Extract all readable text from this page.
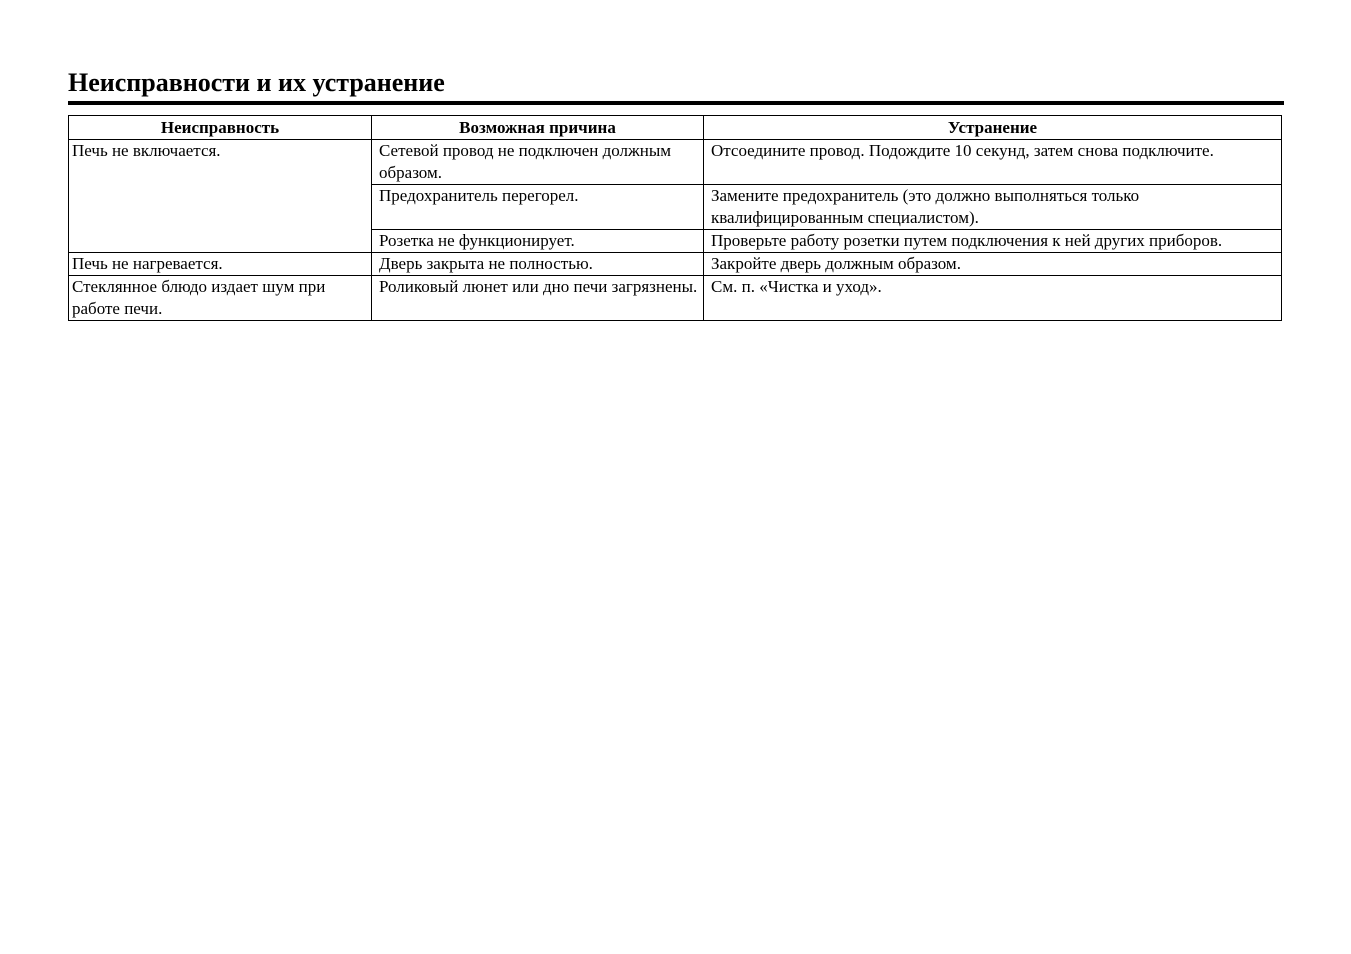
Неисправности и их устранение
Неисправность	Возможная причина	Устранение
Печь не включается.	Сетевой провод не подключен должным образом.	Отсоедините провод. Подождите 10 секунд, затем снова подключите.
	Предохранитель перегорел.	Замените предохранитель (это должно выполняться только квалифицированным специалистом).
	Розетка не функционирует.	Проверьте работу розетки путем подключения к ней других приборов.
Печь не нагревается.	Дверь закрыта не полностью.	Закройте дверь должным образом.
Стеклянное блюдо издает шум при работе печи.	Роликовый люнет или дно печи загрязнены.	См. п. «Чистка и уход».
